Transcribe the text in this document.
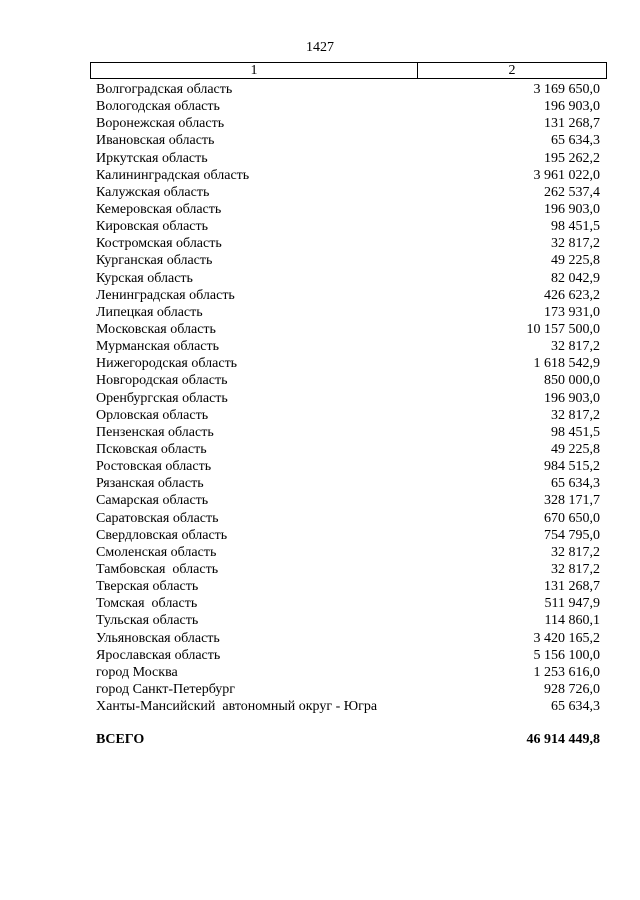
1427
1	2
Волгоградская область	3 169 650,0
Вологодская область	196 903,0
Воронежская область	131 268,7
Ивановская область	65 634,3
Иркутская область	195 262,2
Калининградская область	3 961 022,0
Калужская область	262 537,4
Кемеровская область	196 903,0
Кировская область	98 451,5
Костромская область	32 817,2
Курганская область	49 225,8
Курская область	82 042,9
Ленинградская область	426 623,2
Липецкая область	173 931,0
Московская область	10 157 500,0
Мурманская область	32 817,2
Нижегородская область	1 618 542,9
Новгородская область	850 000,0
Оренбургская область	196 903,0
Орловская область	32 817,2
Пензенская область	98 451,5
Псковская область	49 225,8
Ростовская область	984 515,2
Рязанская область	65 634,3
Самарская область	328 171,7
Саратовская область	670 650,0
Свердловская область	754 795,0
Смоленская область	32 817,2
Тамбовская  область	32 817,2
Тверская область	131 268,7
Томская  область	511 947,9
Тульская область	114 860,1
Ульяновская область	3 420 165,2
Ярославская область	5 156 100,0
город Москва	1 253 616,0
город Санкт-Петербург	928 726,0
Ханты-Мансийский  автономный округ - Югра	65 634,3
ВСЕГО	46 914 449,8
